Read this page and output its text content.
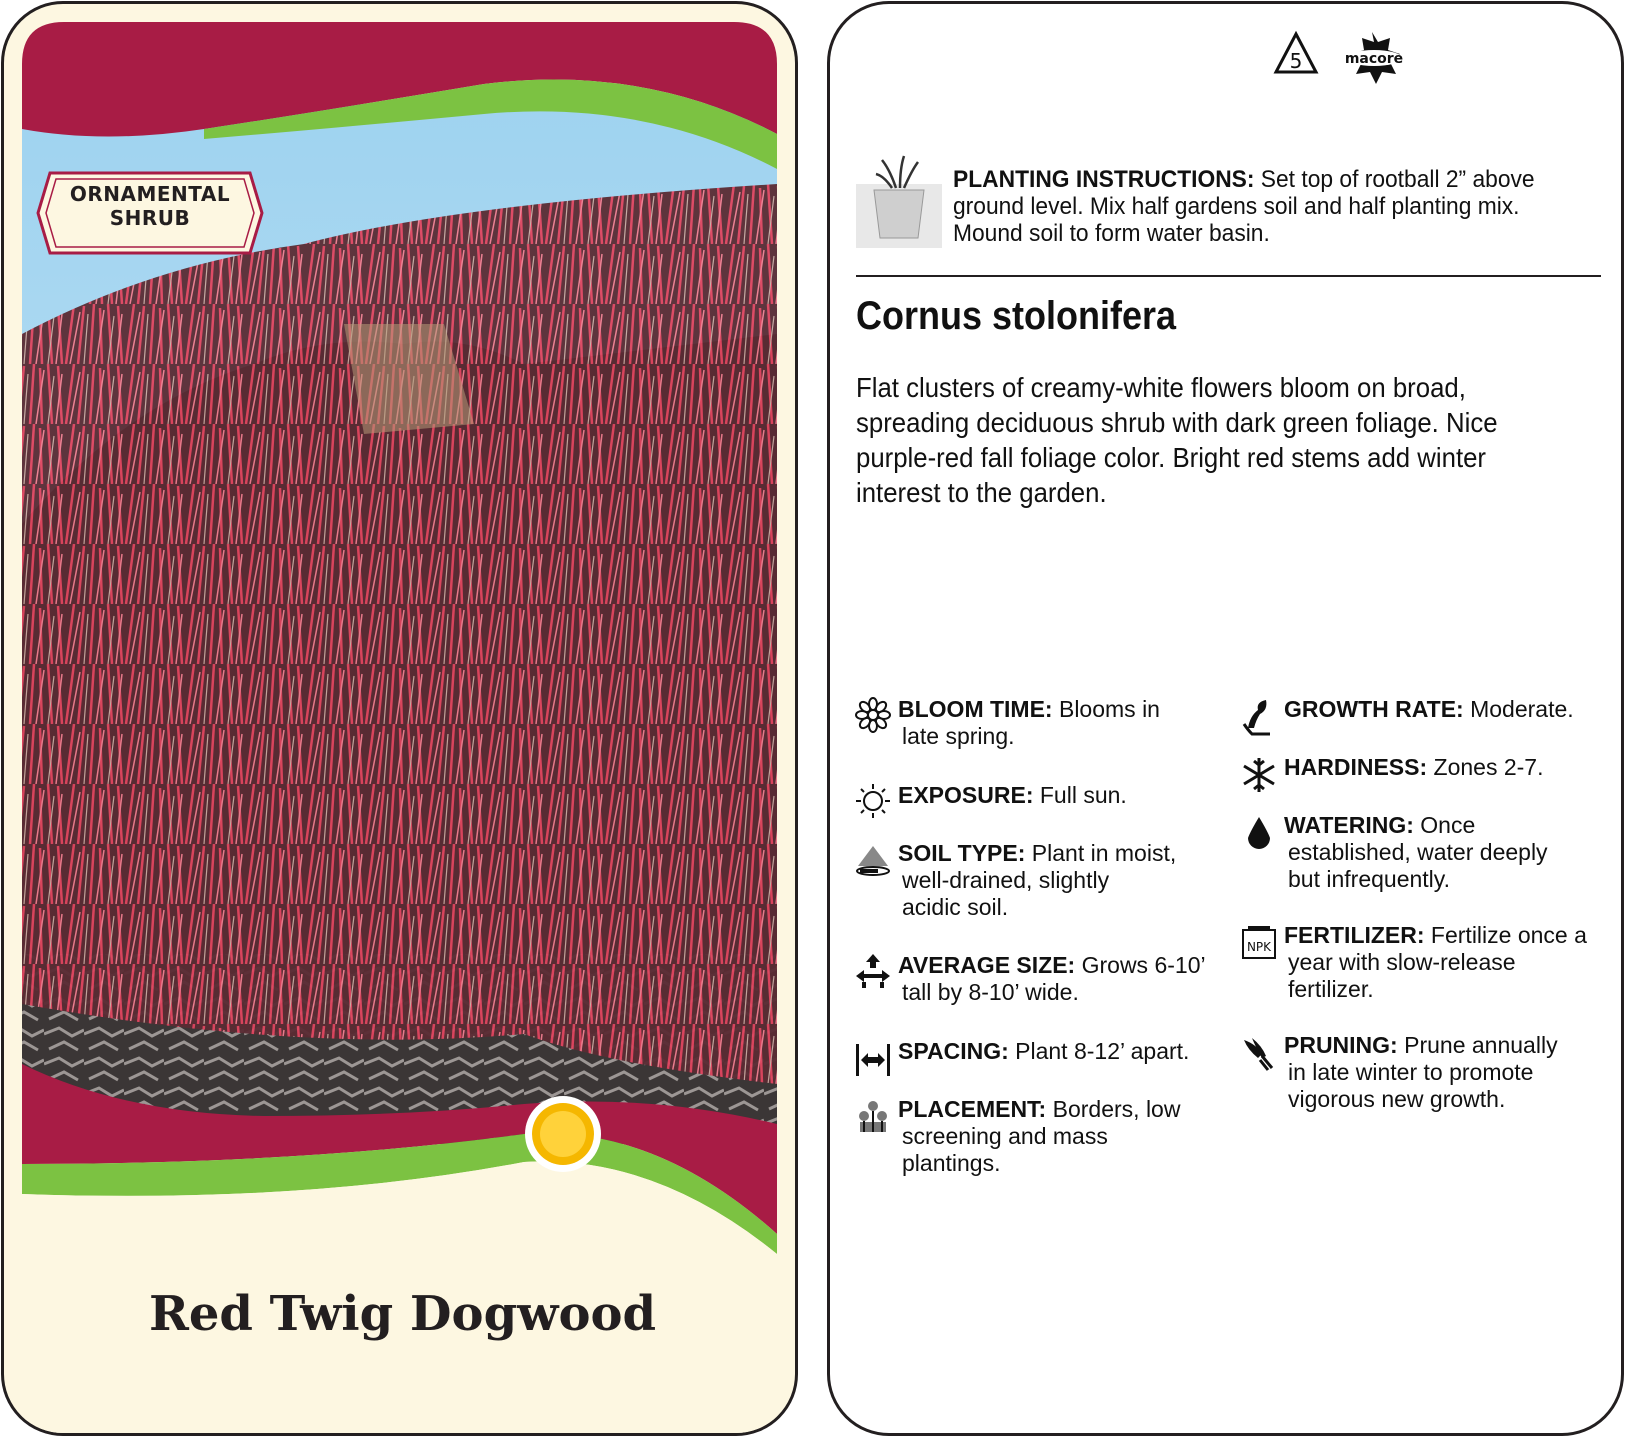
ORNAMENTAL
SHRUB
Red Twig Dogwood
5	macore
PLANTING INSTRUCTIONS: Set top of rootball 2” above
ground level. Mix half gardens soil and half planting mix.
Mound soil to form water basin.
Cornus stolonifera
Flat clusters of creamy-white flowers bloom on broad,
spreading deciduous shrub with dark green foliage. Nice
purple-red fall foliage color. Bright red stems add winter
interest to the garden.
BLOOM TIME: Blooms in
late spring.
EXPOSURE: Full sun.
SOIL TYPE: Plant in moist,
well-drained, slightly
acidic soil.
AVERAGE SIZE: Grows 6-10’
tall by 8-10’ wide.
SPACING: Plant 8-12’ apart.
PLACEMENT: Borders, low
screening and mass
plantings.
GROWTH RATE: Moderate.
HARDINESS: Zones 2-7.
WATERING: Once
established, water deeply
but infrequently.
NPK FERTILIZER: Fertilize once a
year with slow-release
fertilizer.
PRUNING: Prune annually
in late winter to promote
vigorous new growth.
